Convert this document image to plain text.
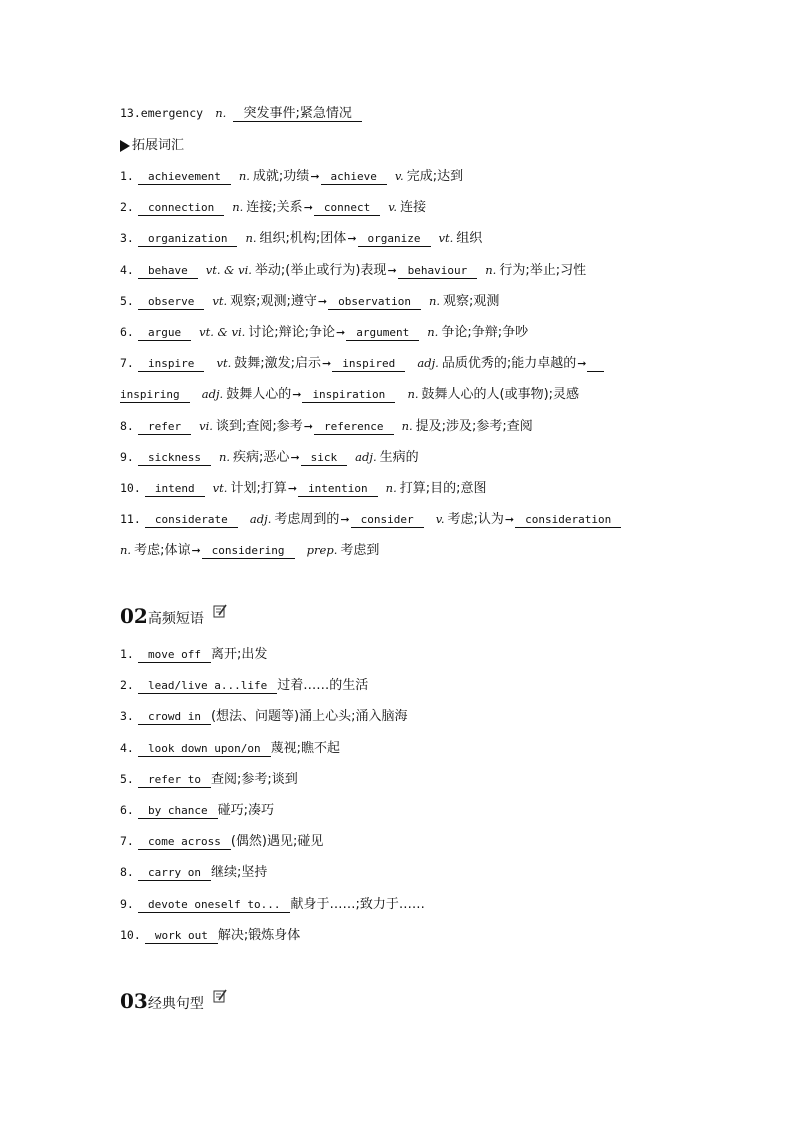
13.emergency n. 突发事件;紧急情况
拓展词汇
1. achievement n. 成就;功绩➞ achieve v. 完成;达到
2. connection n. 连接;关系➞ connect v. 连接
3. organization n. 组织;机构;团体➞ organize vt. 组织
4. behave vt. & vi. 举动;(举止或行为)表现➞ behaviour n. 行为;举止;习性
5. observe vt. 观察;观测;遵守➞ observation n. 观察;观测
6. argue vt. & vi. 讨论;辩论;争论➞ argument n. 争论;争辩;争吵
7. inspire vt. 鼓舞;激发;启示➞ inspired adj. 品质优秀的;能力卓越的➞
inspiring adj. 鼓舞人心的➞ inspiration n. 鼓舞人心的人(或事物);灵感
8. refer vi. 谈到;查阅;参考➞ reference n. 提及;涉及;参考;查阅
9. sickness n. 疾病;恶心➞ sick adj. 生病的
10. intend vt. 计划;打算➞ intention n. 打算;目的;意图
11. considerate adj. 考虑周到的➞ consider v. 考虑;认为➞ consideration
n. 考虑;体谅➞ considering prep. 考虑到
02高频短语
1. move off 离开;出发
2. lead/live a...life 过着……的生活
3. crowd in (想法、问题等)涌上心头;涌入脑海
4. look down upon/on 蔑视;瞧不起
5. refer to 查阅;参考;谈到
6. by chance 碰巧;凑巧
7. come across (偶然)遇见;碰见
8. carry on 继续;坚持
9. devote oneself to... 献身于……;致力于……
10. work out 解决;锻炼身体
03经典句型
